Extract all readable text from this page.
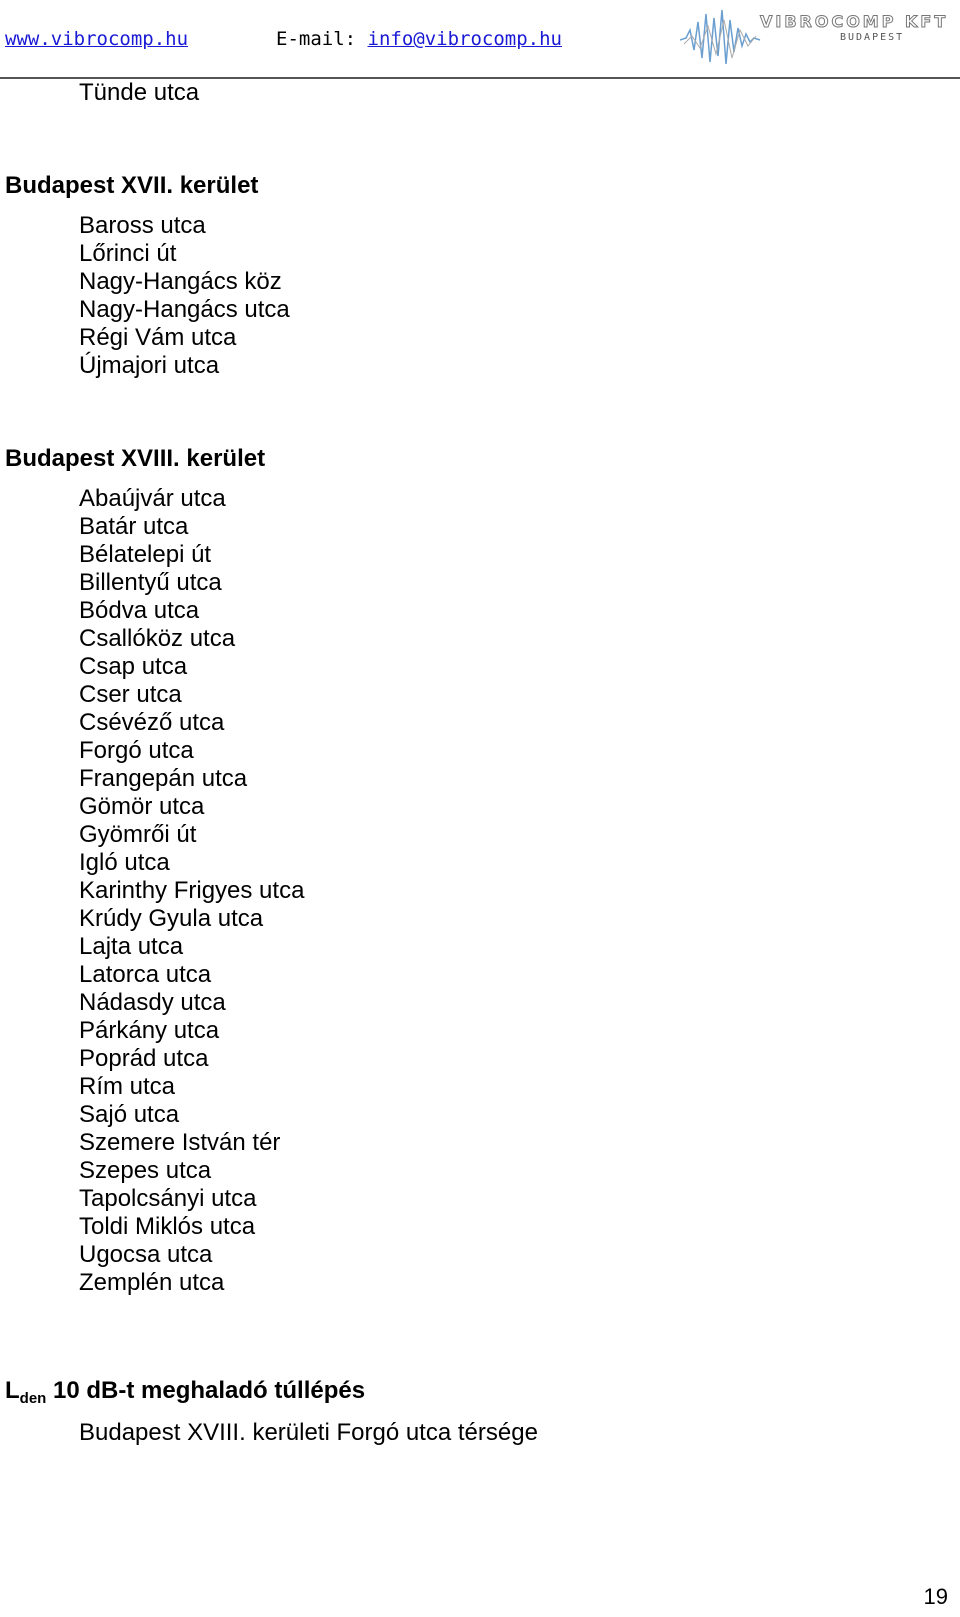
www.vibrocomp.hu	E-mail: info@vibrocomp.hu
VIBROCOMP KFT
BUDAPEST
Tünde utca
Budapest XVII. kerület
Baross utca
Lőrinci út
Nagy-Hangács köz
Nagy-Hangács utca
Régi Vám utca
Újmajori utca
Budapest XVIII. kerület
Abaújvár utca
Batár utca
Bélatelepi út
Billentyű utca
Bódva utca
Csallóköz utca
Csap utca
Cser utca
Csévéző utca
Forgó utca
Frangepán utca
Gömör utca
Gyömrői út
Igló utca
Karinthy Frigyes utca
Krúdy Gyula utca
Lajta utca
Latorca utca
Nádasdy utca
Párkány utca
Poprád utca
Rím utca
Sajó utca
Szemere István tér
Szepes utca
Tapolcsányi utca
Toldi Miklós utca
Ugocsa utca
Zemplén utca
$L_{den}$ 10 dB-t meghaladó túllépés
Budapest XVIII. kerületi Forgó utca térsége
19
